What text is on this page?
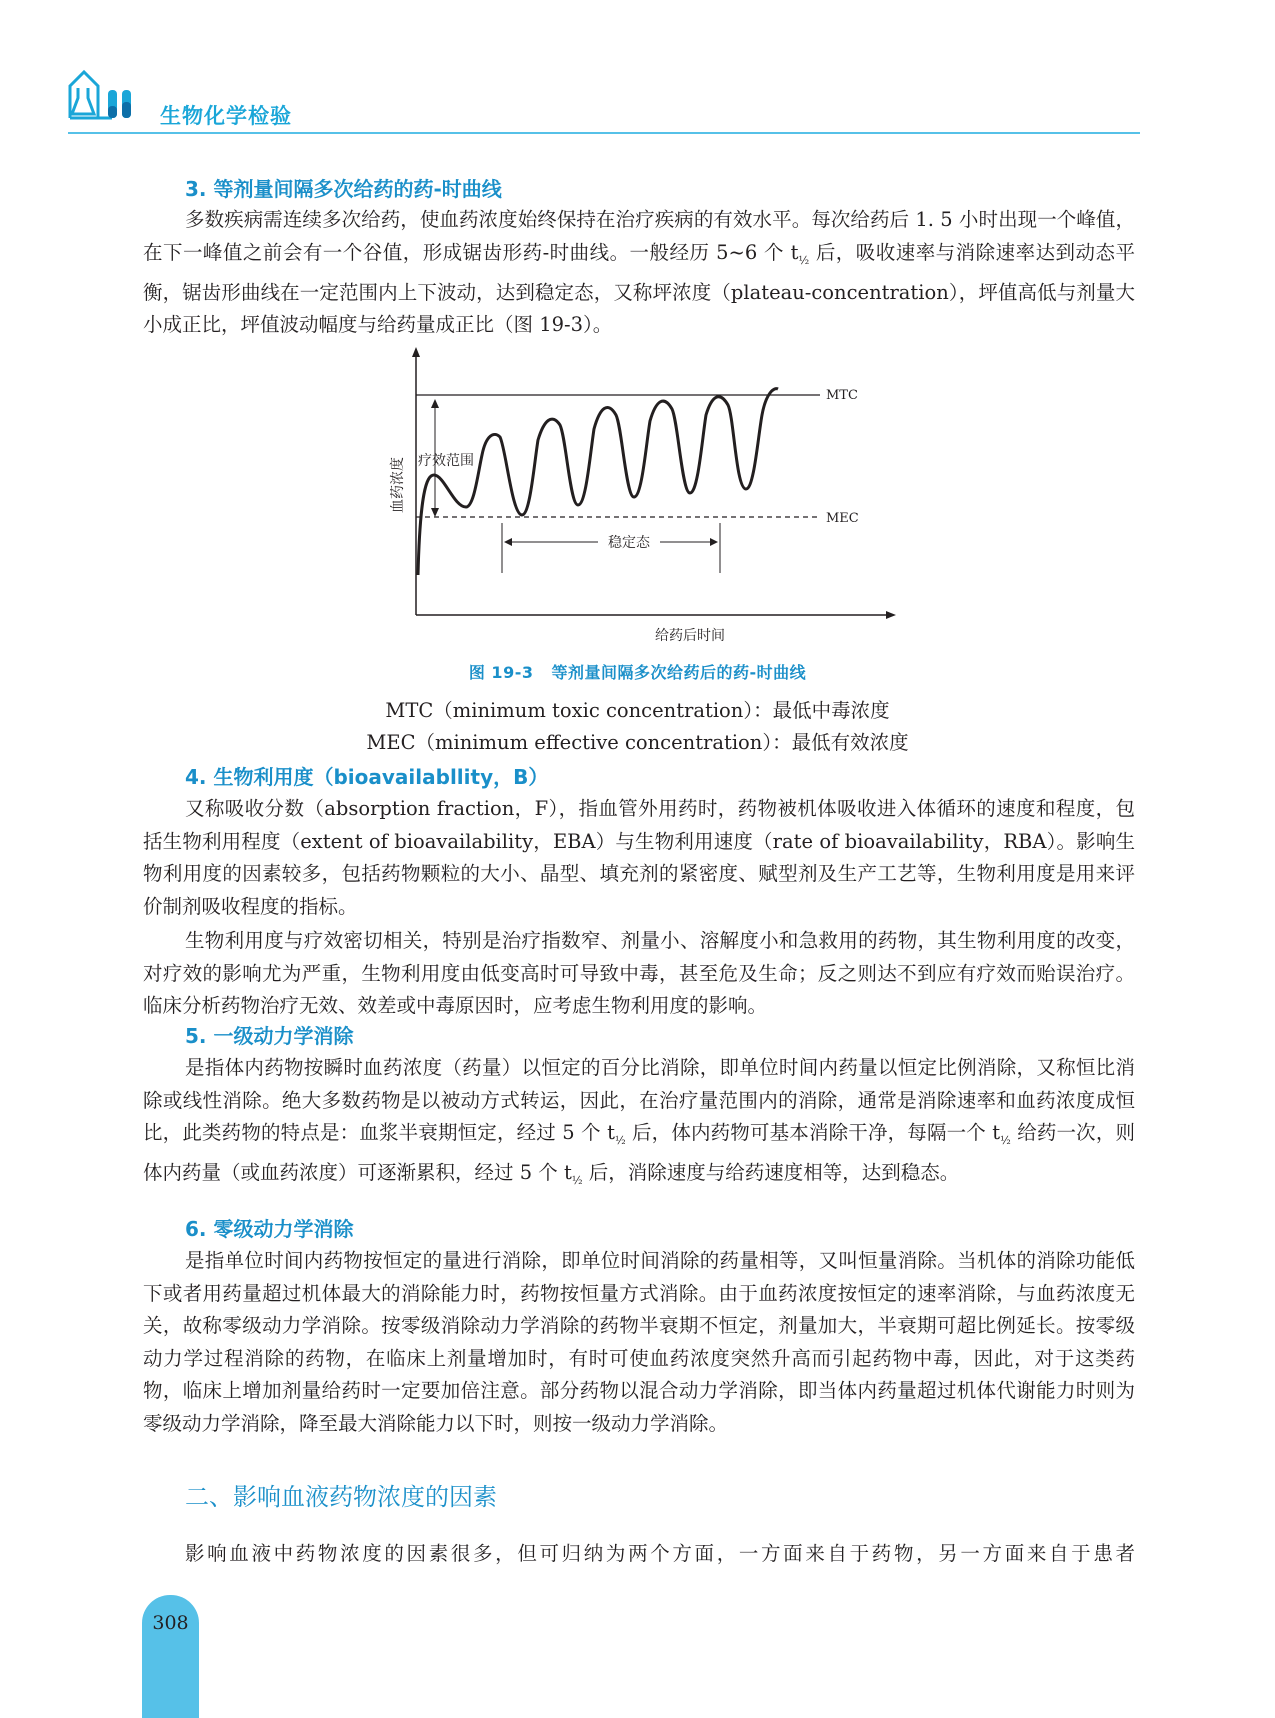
生物化学检验
3. 等剂量间隔多次给药的药-时曲线

多数疾病需连续多次给药，使血药浓度始终保持在治疗疾病的有效水平。每次给药后 1. 5 小时出现一个峰值，在下一峰值之前会有一个谷值，形成锯齿形药-时曲线。一般经历 5~6 个 $t_{\frac{1}{2}}$ 后，吸收速率与消除速率达到动态平衡，锯齿形曲线在一定范围内上下波动，达到稳定态，又称坪浓度（plateau-concentration），坪值高低与剂量大小成正比，坪值波动幅度与给药量成正比（图 19-3）。

MTC
MEC
疗效范围
稳定态
给药后时间
血药浓度
图 19-3 等剂量间隔多次给药后的药-时曲线
MTC（minimum toxic concentration）：最低中毒浓度
MEC（minimum effective concentration）：最低有效浓度
4. 生物利用度（bioavailabllity，B）

又称吸收分数（absorption fraction，F），指血管外用药时，药物被机体吸收进入体循环的速度和程度，包括生物利用程度（extent of bioavailability，EBA）与生物利用速度（rate of bioavailability，RBA）。影响生物利用度的因素较多，包括药物颗粒的大小、晶型、填充剂的紧密度、赋型剂及生产工艺等，生物利用度是用来评价制剂吸收程度的指标。

生物利用度与疗效密切相关，特别是治疗指数窄、剂量小、溶解度小和急救用的药物，其生物利用度的改变，对疗效的影响尤为严重，生物利用度由低变高时可导致中毒，甚至危及生命；反之则达不到应有疗效而贻误治疗。临床分析药物治疗无效、效差或中毒原因时，应考虑生物利用度的影响。

5. 一级动力学消除

是指体内药物按瞬时血药浓度（药量）以恒定的百分比消除，即单位时间内药量以恒定比例消除，又称恒比消除或线性消除。绝大多数药物是以被动方式转运，因此，在治疗量范围内的消除，通常是消除速率和血药浓度成恒比，此类药物的特点是：血浆半衰期恒定，经过 5 个 $t_{\frac{1}{2}}$ 后，体内药物可基本消除干净，每隔一个 $t_{\frac{1}{2}}$ 给药一次，则体内药量（或血药浓度）可逐渐累积，经过 5 个 $t_{\frac{1}{2}}$ 后，消除速度与给药速度相等，达到稳态。

6. 零级动力学消除

是指单位时间内药物按恒定的量进行消除，即单位时间消除的药量相等，又叫恒量消除。当机体的消除功能低下或者用药量超过机体最大的消除能力时，药物按恒量方式消除。由于血药浓度按恒定的速率消除，与血药浓度无关，故称零级动力学消除。按零级消除动力学消除的药物半衰期不恒定，剂量加大，半衰期可超比例延长。按零级动力学过程消除的药物，在临床上剂量增加时，有时可使血药浓度突然升高而引起药物中毒，因此，对于这类药物，临床上增加剂量给药时一定要加倍注意。部分药物以混合动力学消除，即当体内药量超过机体代谢能力时则为零级动力学消除，降至最大消除能力以下时，则按一级动力学消除。

二、影响血液药物浓度的因素

影响血液中药物浓度的因素很多，但可归纳为两个方面，一方面来自于药物，另一方面来自于患者

308
